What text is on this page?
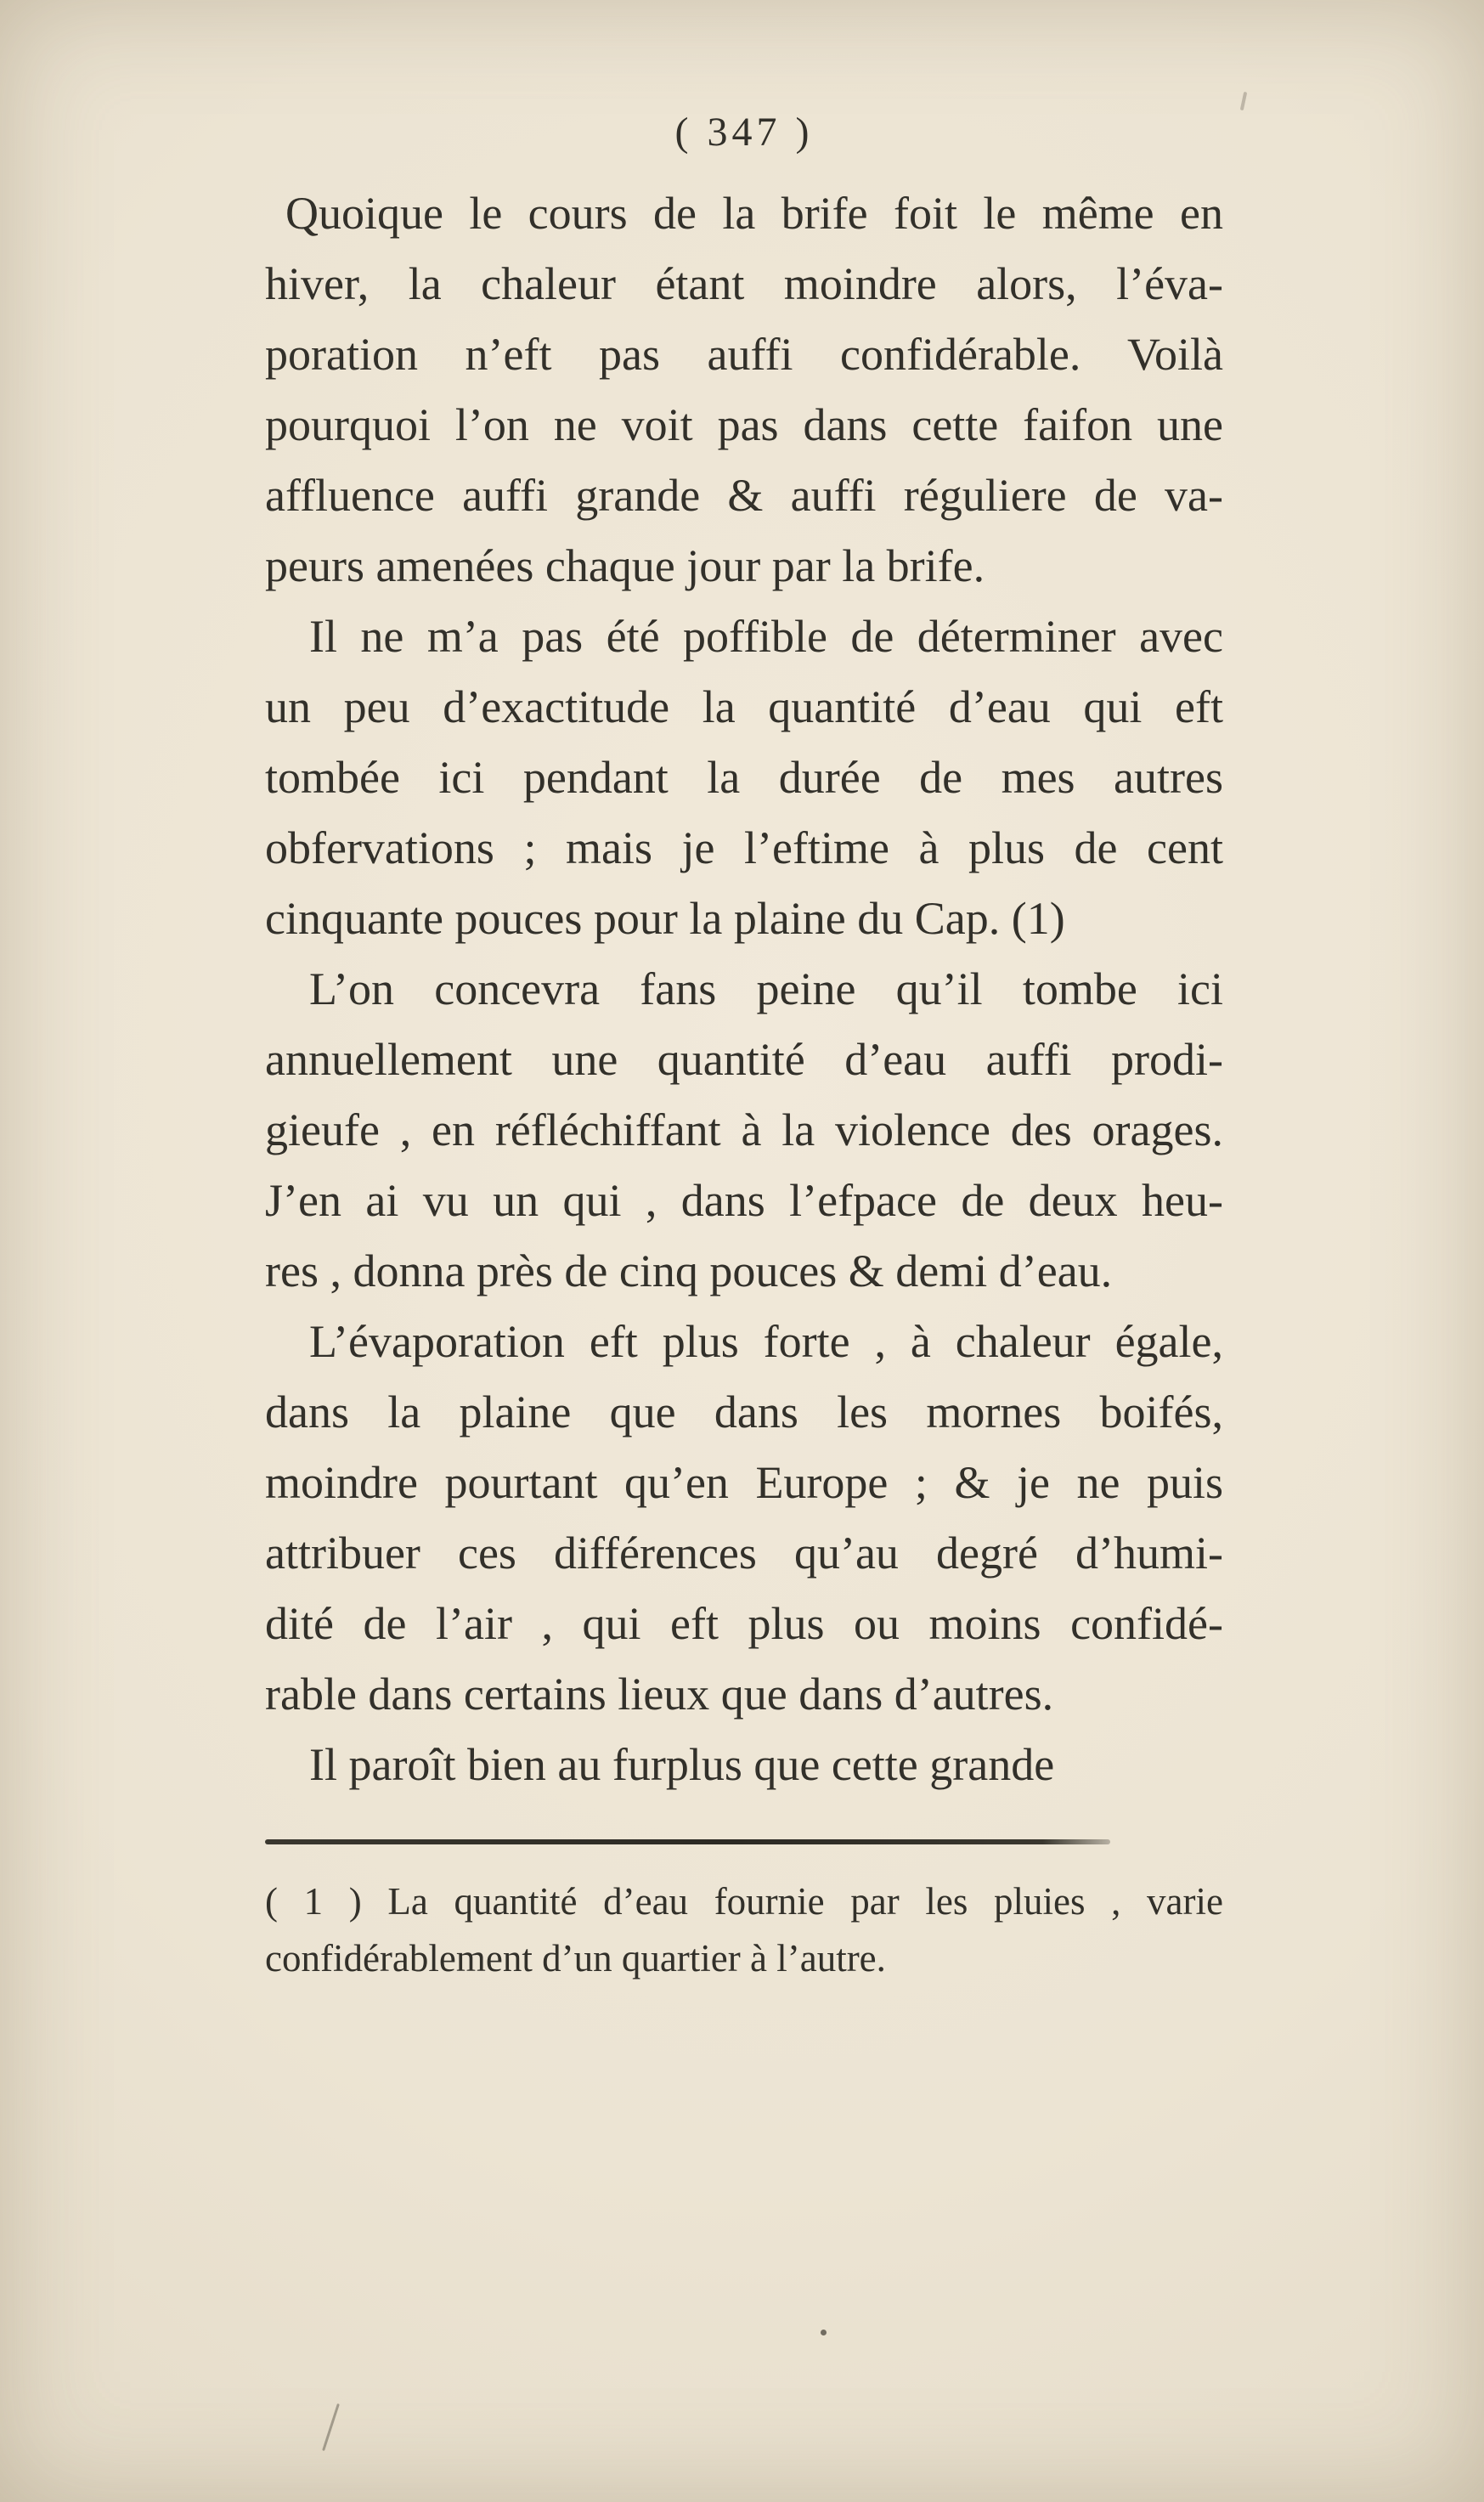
( 347 )

Quoique le cours de la brife foit le même en
hiver, la chaleur étant moindre alors, l’éva-
poration n’eft pas auffi confidérable. Voilà
pourquoi l’on ne voit pas dans cette faifon une
affluence auffi grande & auffi réguliere de va-
peurs amenées chaque jour par la brife.

Il ne m’a pas été poffible de déterminer avec
un peu d’exactitude la quantité d’eau qui eft
tombée ici pendant la durée de mes autres
obfervations ; mais je l’eftime à plus de cent
cinquante pouces pour la plaine du Cap. (1)

L’on concevra fans peine qu’il tombe ici
annuellement une quantité d’eau auffi prodi-
gieufe , en réfléchiffant à la violence des orages.
J’en ai vu un qui , dans l’efpace de deux heu-
res , donna près de cinq pouces & demi d’eau.

L’évaporation eft plus forte , à chaleur égale,
dans la plaine que dans les mornes boifés,
moindre pourtant qu’en Europe ; & je ne puis
attribuer ces différences qu’au degré d’humi-
dité de l’air , qui eft plus ou moins confidé-
rable dans certains lieux que dans d’autres.

Il paroît bien au furplus que cette grande

( 1 ) La quantité d’eau fournie par les pluies , varie
confidérablement d’un quartier à l’autre.
